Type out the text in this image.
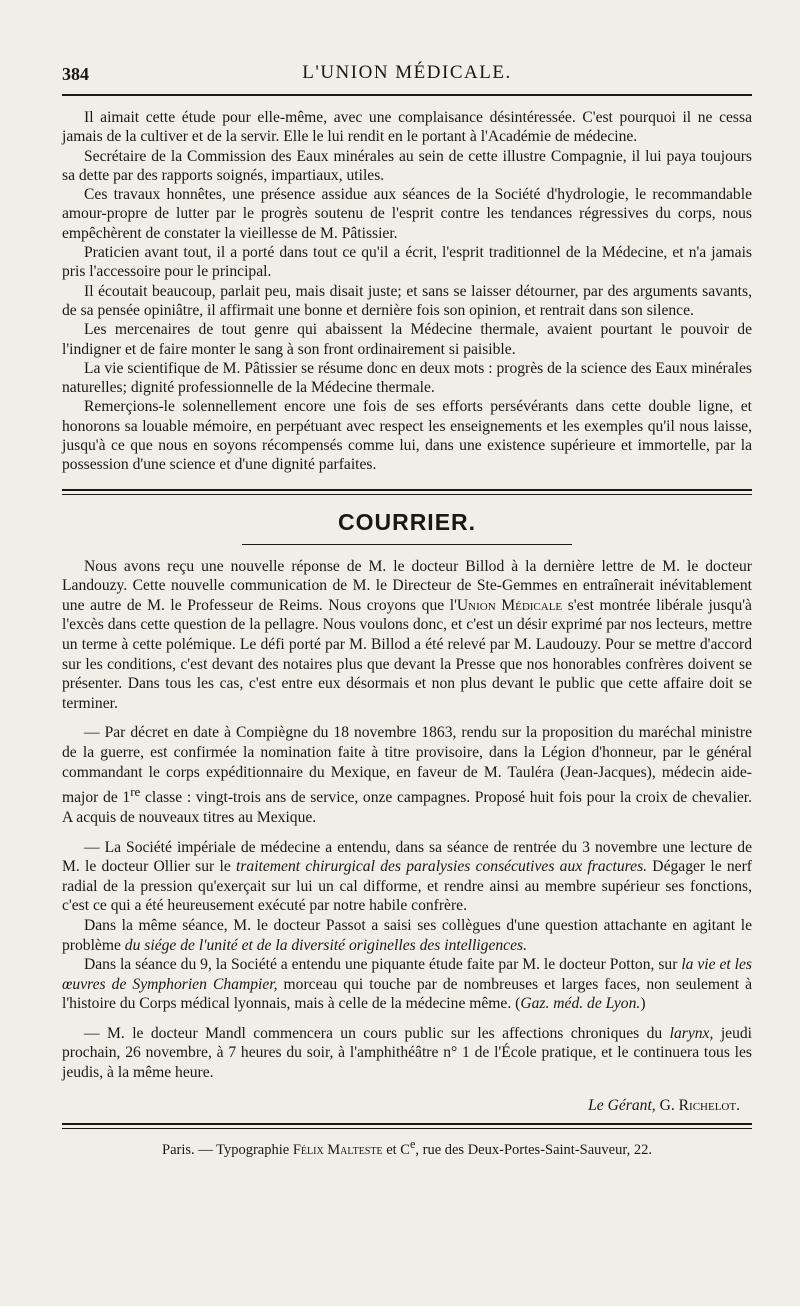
384	L'UNION MÉDICALE.

Il aimait cette étude pour elle-même, avec une complaisance désintéressée. C'est pourquoi il ne cessa jamais de la cultiver et de la servir. Elle le lui rendit en le portant à l'Académie de médecine.

Secrétaire de la Commission des Eaux minérales au sein de cette illustre Compagnie, il lui paya toujours sa dette par des rapports soignés, impartiaux, utiles.

Ces travaux honnêtes, une présence assidue aux séances de la Société d'hydrologie, le recommandable amour-propre de lutter par le progrès soutenu de l'esprit contre les tendances régressives du corps, nous empêchèrent de constater la vieillesse de M. Pâtissier.

Praticien avant tout, il a porté dans tout ce qu'il a écrit, l'esprit traditionnel de la Médecine, et n'a jamais pris l'accessoire pour le principal.

Il écoutait beaucoup, parlait peu, mais disait juste; et sans se laisser détourner, par des arguments savants, de sa pensée opiniâtre, il affirmait une bonne et dernière fois son opinion, et rentrait dans son silence.

Les mercenaires de tout genre qui abaissent la Médecine thermale, avaient pourtant le pouvoir de l'indigner et de faire monter le sang à son front ordinairement si paisible.

La vie scientifique de M. Pâtissier se résume donc en deux mots : progrès de la science des Eaux minérales naturelles; dignité professionnelle de la Médecine thermale.

Remerçions-le solennellement encore une fois de ses efforts persévérants dans cette double ligne, et honorons sa louable mémoire, en perpétuant avec respect les enseignements et les exemples qu'il nous laisse, jusqu'à ce que nous en soyons récompensés comme lui, dans une existence supérieure et immortelle, par la possession d'une science et d'une dignité parfaites.

COURRIER.

Nous avons reçu une nouvelle réponse de M. le docteur Billod à la dernière lettre de M. le docteur Landouzy. Cette nouvelle communication de M. le Directeur de Ste-Gemmes en entraînerait inévitablement une autre de M. le Professeur de Reims. Nous croyons que l'Union Médicale s'est montrée libérale jusqu'à l'excès dans cette question de la pellagre. Nous voulons donc, et c'est un désir exprimé par nos lecteurs, mettre un terme à cette polémique. Le défi porté par M. Billod a été relevé par M. Laudouzy. Pour se mettre d'accord sur les conditions, c'est devant des notaires plus que devant la Presse que nos honorables confrères doivent se présenter. Dans tous les cas, c'est entre eux désormais et non plus devant le public que cette affaire doit se terminer.

— Par décret en date à Compiègne du 18 novembre 1863, rendu sur la proposition du maréchal ministre de la guerre, est confirmée la nomination faite à titre provisoire, dans la Légion d'honneur, par le général commandant le corps expéditionnaire du Mexique, en faveur de M. Tauléra (Jean-Jacques), médecin aide-major de 1re classe : vingt-trois ans de service, onze campagnes. Proposé huit fois pour la croix de chevalier. A acquis de nouveaux titres au Mexique.

— La Société impériale de médecine a entendu, dans sa séance de rentrée du 3 novembre une lecture de M. le docteur Ollier sur le traitement chirurgical des paralysies consécutives aux fractures. Dégager le nerf radial de la pression qu'exerçait sur lui un cal difforme, et rendre ainsi au membre supérieur ses fonctions, c'est ce qui a été heureusement exécuté par notre habile confrère.

Dans la même séance, M. le docteur Passot a saisi ses collègues d'une question attachante en agitant le problème du siége de l'unité et de la diversité originelles des intelligences.

Dans la séance du 9, la Société a entendu une piquante étude faite par M. le docteur Potton, sur la vie et les œuvres de Symphorien Champier, morceau qui touche par de nombreuses et larges faces, non seulement à l'histoire du Corps médical lyonnais, mais à celle de la médecine même. (Gaz. méd. de Lyon.)

— M. le docteur Mandl commencera un cours public sur les affections chroniques du larynx, jeudi prochain, 26 novembre, à 7 heures du soir, à l'amphithéâtre n° 1 de l'École pratique, et le continuera tous les jeudis, à la même heure.

Le Gérant, G. Richelot.
Paris. — Typographie Félix Malteste et Ce, rue des Deux-Portes-Saint-Sauveur, 22.
